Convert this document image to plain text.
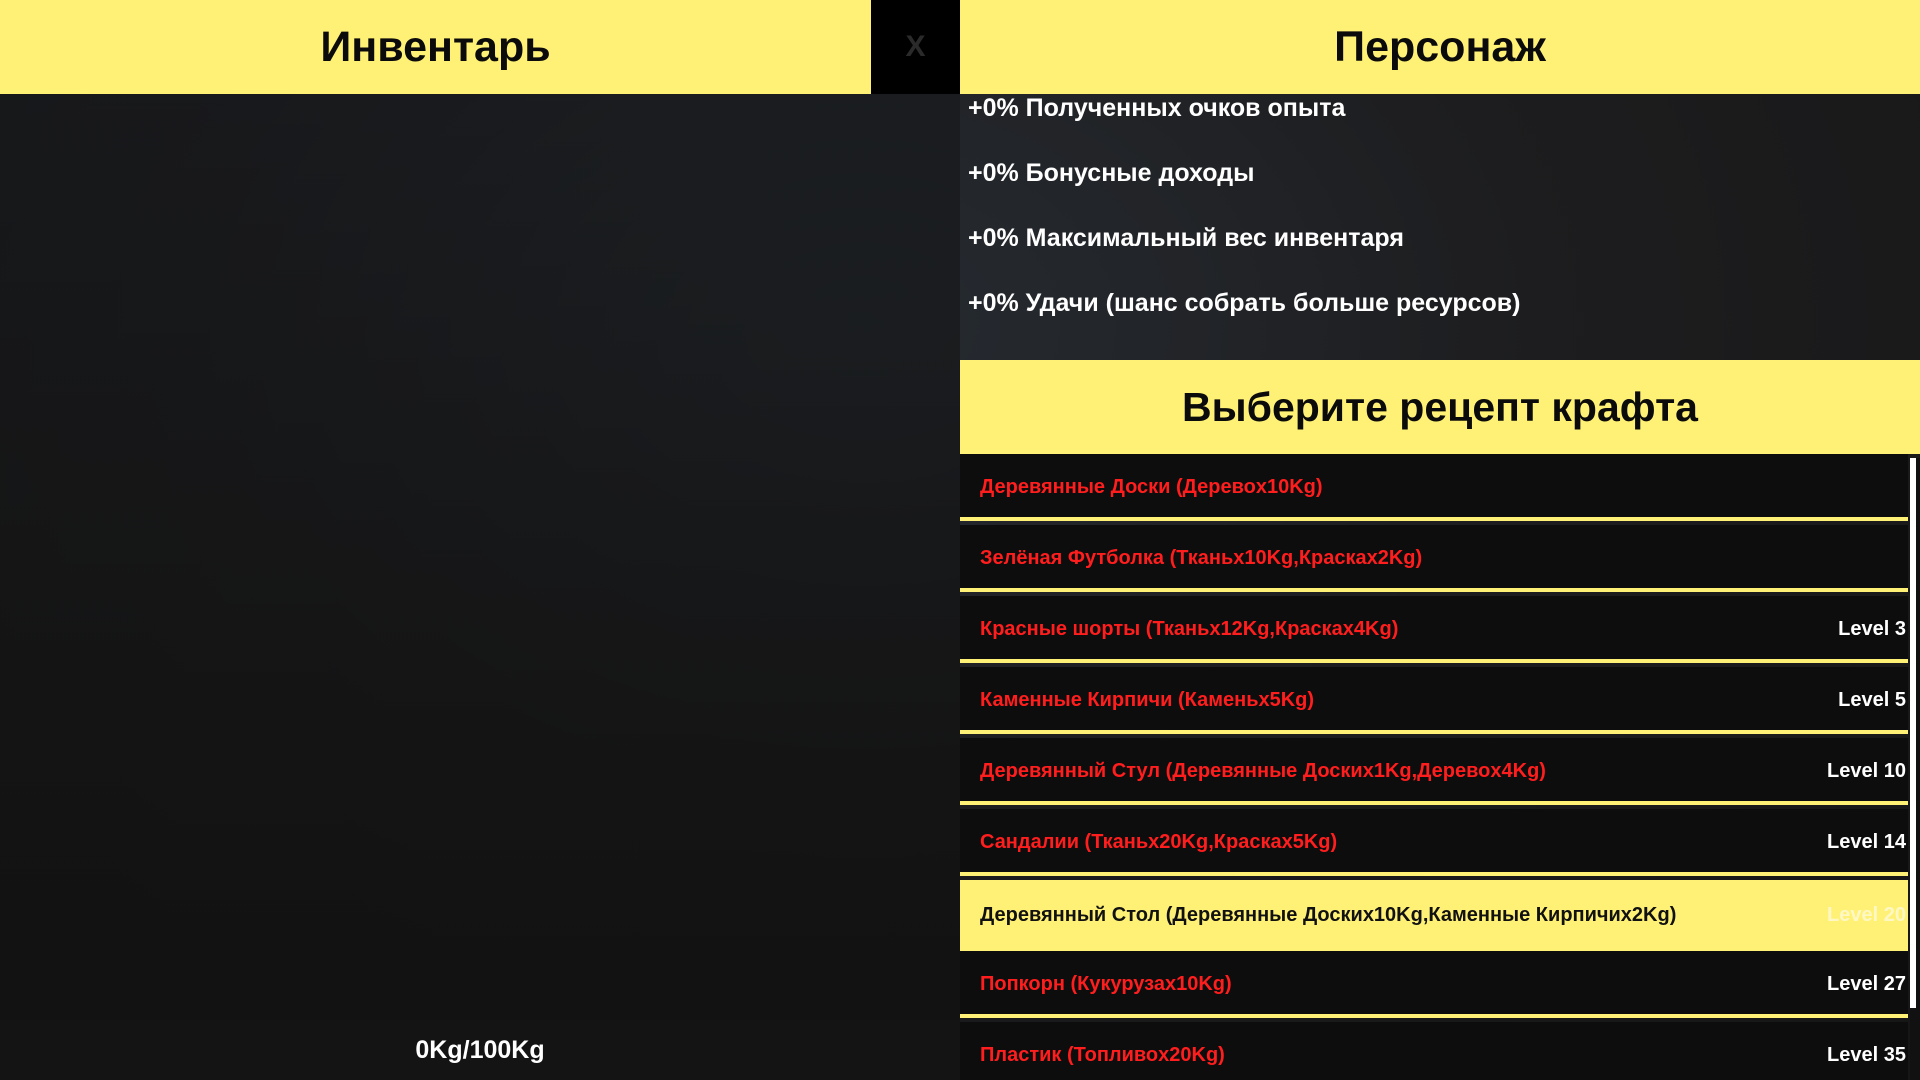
Инвентарь	X	Персонаж
0Kg/100Kg
+0% Полученных очков опыта
+0% Бонусные доходы
+0% Максимальный вес инвентаря
+0% Удачи (шанс собрать больше ресурсов)
Выберите рецепт крафта
Деревянные Доски (Деревоx10Kg)
Зелёная Футболка (Тканьx10Kg,Краскаx2Kg)
Красные шорты (Тканьx12Kg,Краскаx4Kg)	Level 3
Каменные Кирпичи (Каменьx5Kg)	Level 5
Деревянный Стул (Деревянные Доскиx1Kg,Деревоx4Kg)	Level 10
Сандалии (Тканьx20Kg,Краскаx5Kg)	Level 14
Деревянный Стол (Деревянные Доскиx10Kg,Каменные Кирпичиx2Kg)	Level 20
Попкорн (Кукурузаx10Kg)	Level 27
Пластик (Топливоx20Kg)	Level 35
